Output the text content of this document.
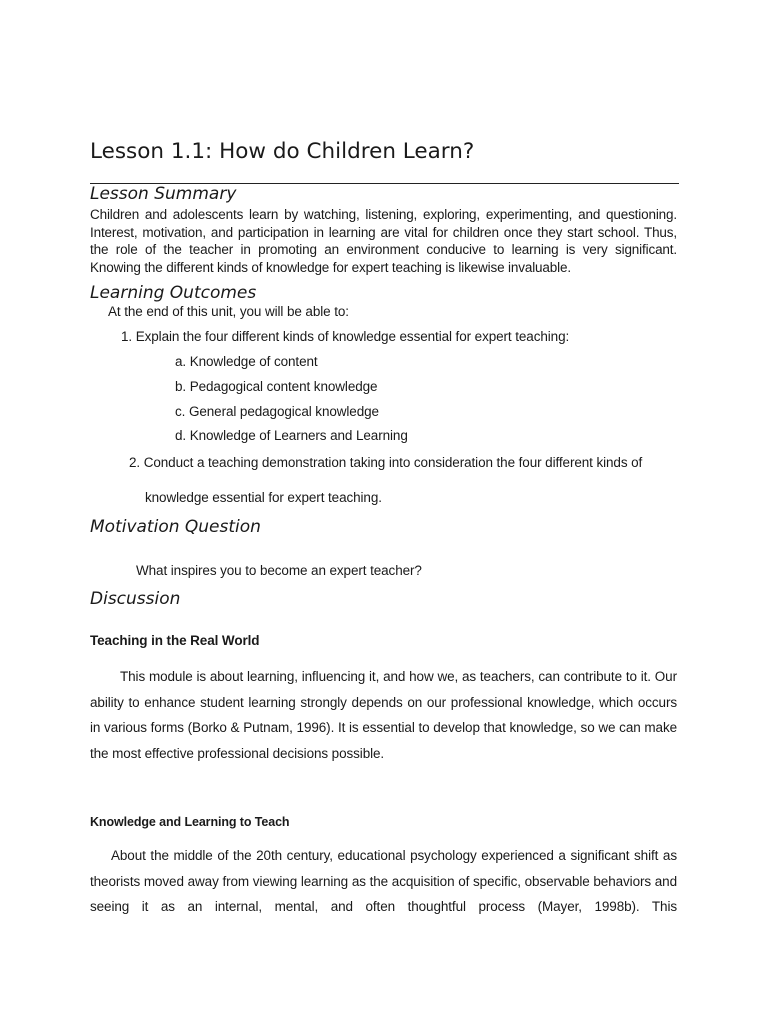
Lesson 1.1: How do Children Learn?
Lesson Summary

Children and adolescents learn by watching, listening, exploring, experimenting, and questioning. Interest, motivation, and participation in learning are vital for children once they start school. Thus, the role of the teacher in promoting an environment conducive to learning is very significant. Knowing the different kinds of knowledge for expert teaching is likewise invaluable.

Learning Outcomes

At the end of this unit, you will be able to:

1. Explain the four different kinds of knowledge essential for expert teaching:

a. Knowledge of content

b. Pedagogical content knowledge

c. General pedagogical knowledge

d. Knowledge of Learners and Learning

2. Conduct a teaching demonstration taking into consideration the four different kinds of

knowledge essential for expert teaching.

Motivation Question

What inspires you to become an expert teacher?

Discussion
Teaching in the Real World

This module is about learning, influencing it, and how we, as teachers, can contribute to it. Our ability to enhance student learning strongly depends on our professional knowledge, which occurs in various forms (Borko & Putnam, 1996). It is essential to develop that knowledge, so we can make the most effective professional decisions possible.

Knowledge and Learning to Teach

About the middle of the 20th century, educational psychology experienced a significant shift as theorists moved away from viewing learning as the acquisition of specific, observable behaviors and seeing it as an internal, mental, and often thoughtful process (Mayer, 1998b). This
